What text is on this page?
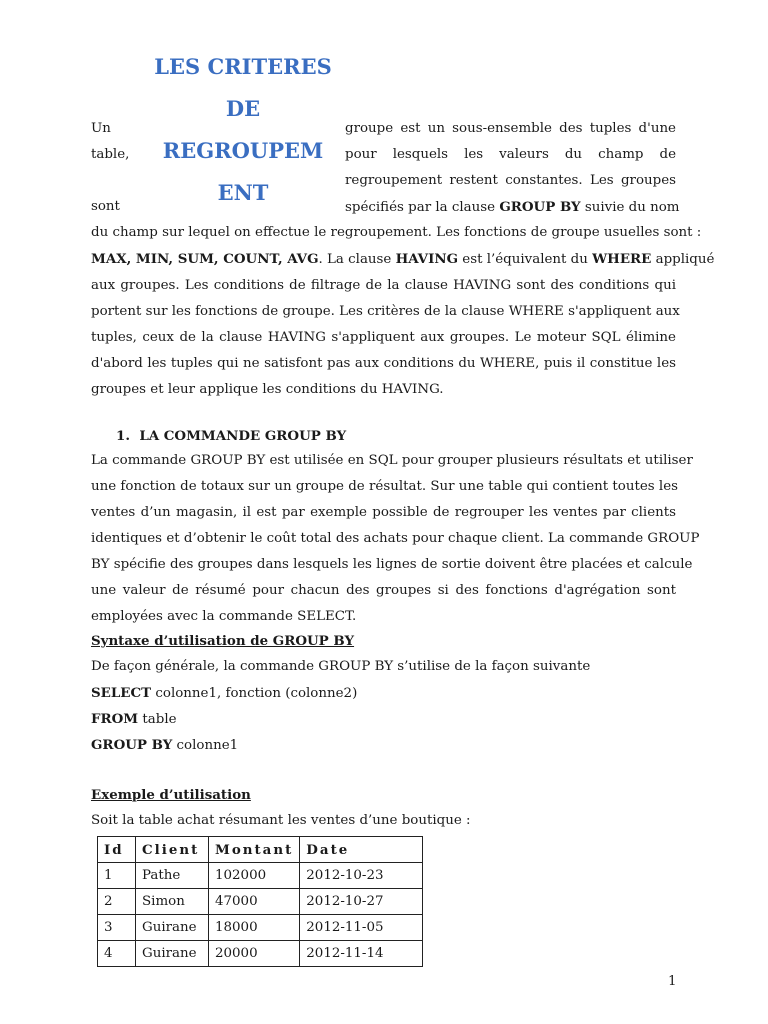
LES CRITERES
DE
REGROUPEM
ENT
Un
table,
sont
groupe est un sous-ensemble des tuples d'une
pour lesquels les valeurs du champ de
regroupement restent constantes. Les groupes
spécifiés par la clause GROUP BY suivie du nom
du champ sur lequel on effectue le regroupement. Les fonctions de groupe usuelles sont :
MAX, MIN, SUM, COUNT, AVG. La clause HAVING est l’équivalent du WHERE appliqué
aux groupes. Les conditions de filtrage de la clause HAVING sont des conditions qui
portent sur les fonctions de groupe. Les critères de la clause WHERE s'appliquent aux
tuples, ceux de la clause HAVING s'appliquent aux groupes. Le moteur SQL élimine
d'abord les tuples qui ne satisfont pas aux conditions du WHERE, puis il constitue les
groupes et leur applique les conditions du HAVING.
1. LA COMMANDE GROUP BY
La commande GROUP BY est utilisée en SQL pour grouper plusieurs résultats et utiliser
une fonction de totaux sur un groupe de résultat. Sur une table qui contient toutes les
ventes d’un magasin, il est par exemple possible de regrouper les ventes par clients
identiques et d’obtenir le coût total des achats pour chaque client. La commande GROUP
BY spécifie des groupes dans lesquels les lignes de sortie doivent être placées et calcule
une valeur de résumé pour chacun des groupes si des fonctions d'agrégation sont
employées avec la commande SELECT.
Syntaxe d’utilisation de GROUP BY
De façon générale, la commande GROUP BY s’utilise de la façon suivante
SELECT colonne1, fonction (colonne2)
FROM table
GROUP BY colonne1
Exemple d’utilisation
Soit la table achat résumant les ventes d’une boutique :
Id	Client	Montant	Date
1	Pathe	102000	2012-10-23
2	Simon	47000	2012-10-27
3	Guirane	18000	2012-11-05
4	Guirane	20000	2012-11-14
1
